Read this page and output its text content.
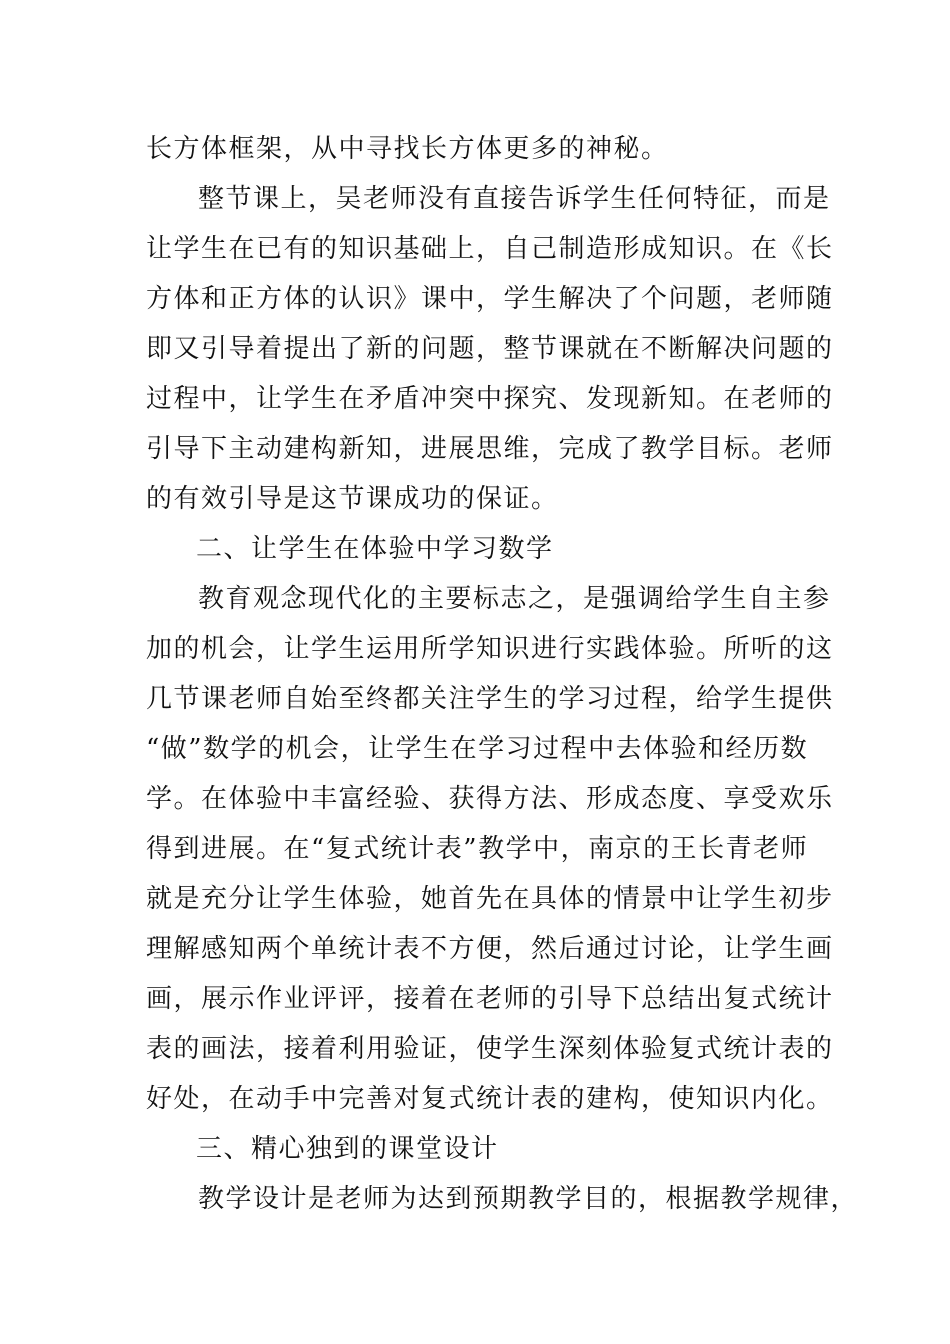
长方体框架，从中寻找长方体更多的神秘。
整节课上，吴老师没有直接告诉学生任何特征，而是
让学生在已有的知识基础上，自己制造形成知识。在《长
方体和正方体的认识》课中，学生解决了个问题，老师随
即又引导着提出了新的问题，整节课就在不断解决问题的
过程中，让学生在矛盾冲突中探究、发现新知。在老师的
引导下主动建构新知，进展思维，完成了教学目标。老师
的有效引导是这节课成功的保证。
二、让学生在体验中学习数学
教育观念现代化的主要标志之，是强调给学生自主参
加的机会，让学生运用所学知识进行实践体验。所听的这
几节课老师自始至终都关注学生的学习过程，给学生提供
“做”数学的机会，让学生在学习过程中去体验和经历数
学。在体验中丰富经验、获得方法、形成态度、享受欢乐
得到进展。在“复式统计表”教学中，南京的王长青老师
就是充分让学生体验，她首先在具体的情景中让学生初步
理解感知两个单统计表不方便，然后通过讨论，让学生画
画，展示作业评评，接着在老师的引导下总结出复式统计
表的画法，接着利用验证，使学生深刻体验复式统计表的
好处，在动手中完善对复式统计表的建构，使知识内化。
三、精心独到的课堂设计
教学设计是老师为达到预期教学目的，根据教学规律，
